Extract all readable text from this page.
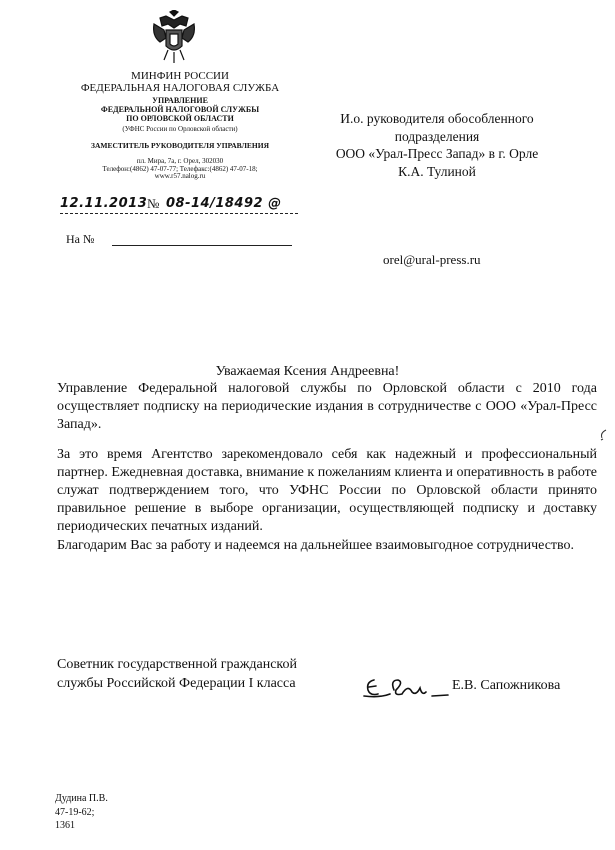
МИНФИН РОССИИ
ФЕДЕРАЛЬНАЯ НАЛОГОВАЯ СЛУЖБА
УПРАВЛЕНИЕ
ФЕДЕРАЛЬНОЙ НАЛОГОВОЙ СЛУЖБЫ
ПО ОРЛОВСКОЙ ОБЛАСТИ
(УФНС России по Орловской области)
ЗАМЕСТИТЕЛЬ РУКОВОДИТЕЛЯ УПРАВЛЕНИЯ
пл. Мира, 7а, г. Орел, 302030
Телефон:(4862) 47-07-77; Телефакс:(4862) 47-07-18;
www.r57.nalog.ru
12.11.2013 № 08-14/18492 @
На №
И.о. руководителя обособленного
подразделения
ООО «Урал-Пресс Запад» в г. Орле
К.А. Тулиной
orel@ural-press.ru
Уважаемая Ксения Андреевна!

Управление Федеральной налоговой службы по Орловской области с 2010 года осуществляет подписку на периодические издания в сотрудничестве с ООО «Урал-Пресс Запад».

За это время Агентство зарекомендовало себя как надежный и профессиональный партнер. Ежедневная доставка, внимание к пожеланиям клиента и оперативность в работе служат подтверждением того, что УФНС России по Орловской области принято правильное решение в выборе организации, осуществляющей подписку и доставку периодических печатных изданий.

Благодарим Вас за работу и надеемся на дальнейшее взаимовыгодное сотрудничество.

Советник государственной гражданской
службы Российской Федерации I класса	Е.В. Сапожникова
Дудина П.В.
47-19-62;
1361
